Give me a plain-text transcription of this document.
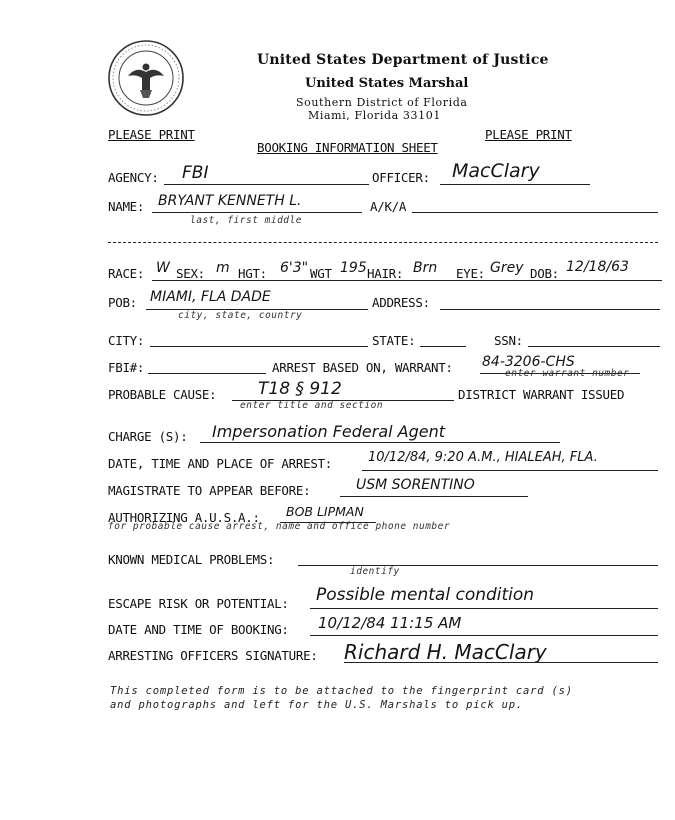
United States Department of Justice
United States Marshal
Southern District of Florida
Miami, Florida 33101
PLEASE PRINT	PLEASE PRINT
BOOKING INFORMATION SHEET
AGENCY: FBI	OFFICER: MacClary
NAME: BRYANT KENNETH L.
last, first middle
A/K/A
RACE: W SEX: m HGT: 6'3" WGT 195 HAIR: Brn EYE: Grey DOB: 12/18/63
POB: MIAMI, FLA DADE
city, state, country
ADDRESS:
CITY:	STATE:	SSN:
FBI#:	ARREST BASED ON, WARRANT: 84-3206-CHS
enter warrant number
PROBABLE CAUSE: T18 § 912
enter title and section
DISTRICT WARRANT ISSUED
CHARGE (S): Impersonation Federal Agent
DATE, TIME AND PLACE OF ARREST:	10/12/84, 9:20 A.M., HIALEAH, FLA.
MAGISTRATE TO APPEAR BEFORE:	USM SORENTINO
AUTHORIZING A.U.S.A.: BOB LIPMAN
for probable cause arrest, name and office phone number
KNOWN MEDICAL PROBLEMS:
identify
ESCAPE RISK OR POTENTIAL: Possible mental condition
DATE AND TIME OF BOOKING: 10/12/84 11:15 AM
ARRESTING OFFICERS SIGNATURE: Richard H. MacClary
This completed form is to be attached to the fingerprint card (s)
and photographs and left for the U.S. Marshals to pick up.
